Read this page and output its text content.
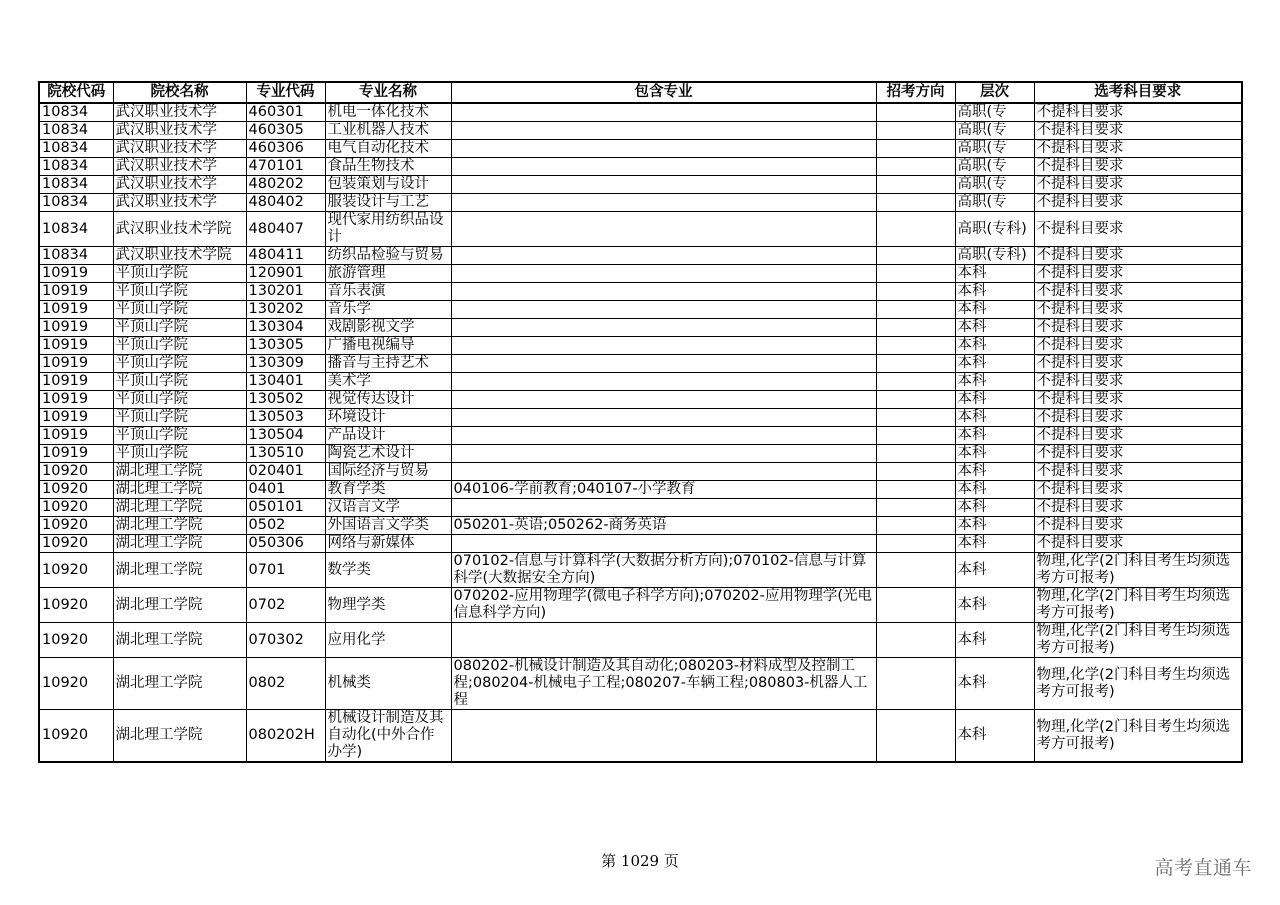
院校代码	院校名称	专业代码	专业名称	包含专业	招考方向	层次	选考科目要求
10834	武汉职业技术学	460301	机电一体化技术			高职(专	不提科目要求
10834	武汉职业技术学	460305	工业机器人技术			高职(专	不提科目要求
10834	武汉职业技术学	460306	电气自动化技术			高职(专	不提科目要求
10834	武汉职业技术学	470101	食品生物技术			高职(专	不提科目要求
10834	武汉职业技术学	480202	包装策划与设计			高职(专	不提科目要求
10834	武汉职业技术学	480402	服装设计与工艺			高职(专	不提科目要求
10834	武汉职业技术学院	480407	现代家用纺织品设计			高职(专科)	不提科目要求
10834	武汉职业技术学院	480411	纺织品检验与贸易			高职(专科)	不提科目要求
10919	平顶山学院	120901	旅游管理			本科	不提科目要求
10919	平顶山学院	130201	音乐表演			本科	不提科目要求
10919	平顶山学院	130202	音乐学			本科	不提科目要求
10919	平顶山学院	130304	戏剧影视文学			本科	不提科目要求
10919	平顶山学院	130305	广播电视编导			本科	不提科目要求
10919	平顶山学院	130309	播音与主持艺术			本科	不提科目要求
10919	平顶山学院	130401	美术学			本科	不提科目要求
10919	平顶山学院	130502	视觉传达设计			本科	不提科目要求
10919	平顶山学院	130503	环境设计			本科	不提科目要求
10919	平顶山学院	130504	产品设计			本科	不提科目要求
10919	平顶山学院	130510	陶瓷艺术设计			本科	不提科目要求
10920	湖北理工学院	020401	国际经济与贸易			本科	不提科目要求
10920	湖北理工学院	0401	教育学类	040106-学前教育;040107-小学教育		本科	不提科目要求
10920	湖北理工学院	050101	汉语言文学			本科	不提科目要求
10920	湖北理工学院	0502	外国语言文学类	050201-英语;050262-商务英语		本科	不提科目要求
10920	湖北理工学院	050306	网络与新媒体			本科	不提科目要求
10920	湖北理工学院	0701	数学类	070102-信息与计算科学(大数据分析方向);070102-信息与计算科学(大数据安全方向)		本科	物理,化学(2门科目考生均须选考方可报考)
10920	湖北理工学院	0702	物理学类	070202-应用物理学(微电子科学方向);070202-应用物理学(光电信息科学方向)		本科	物理,化学(2门科目考生均须选考方可报考)
10920	湖北理工学院	070302	应用化学			本科	物理,化学(2门科目考生均须选考方可报考)
10920	湖北理工学院	0802	机械类	080202-机械设计制造及其自动化;080203-材料成型及控制工程;080204-机械电子工程;080207-车辆工程;080803-机器人工程		本科	物理,化学(2门科目考生均须选考方可报考)
10920	湖北理工学院	080202H	机械设计制造及其自动化(中外合作办学)			本科	物理,化学(2门科目考生均须选考方可报考)
第 1029 页	高考直通车
